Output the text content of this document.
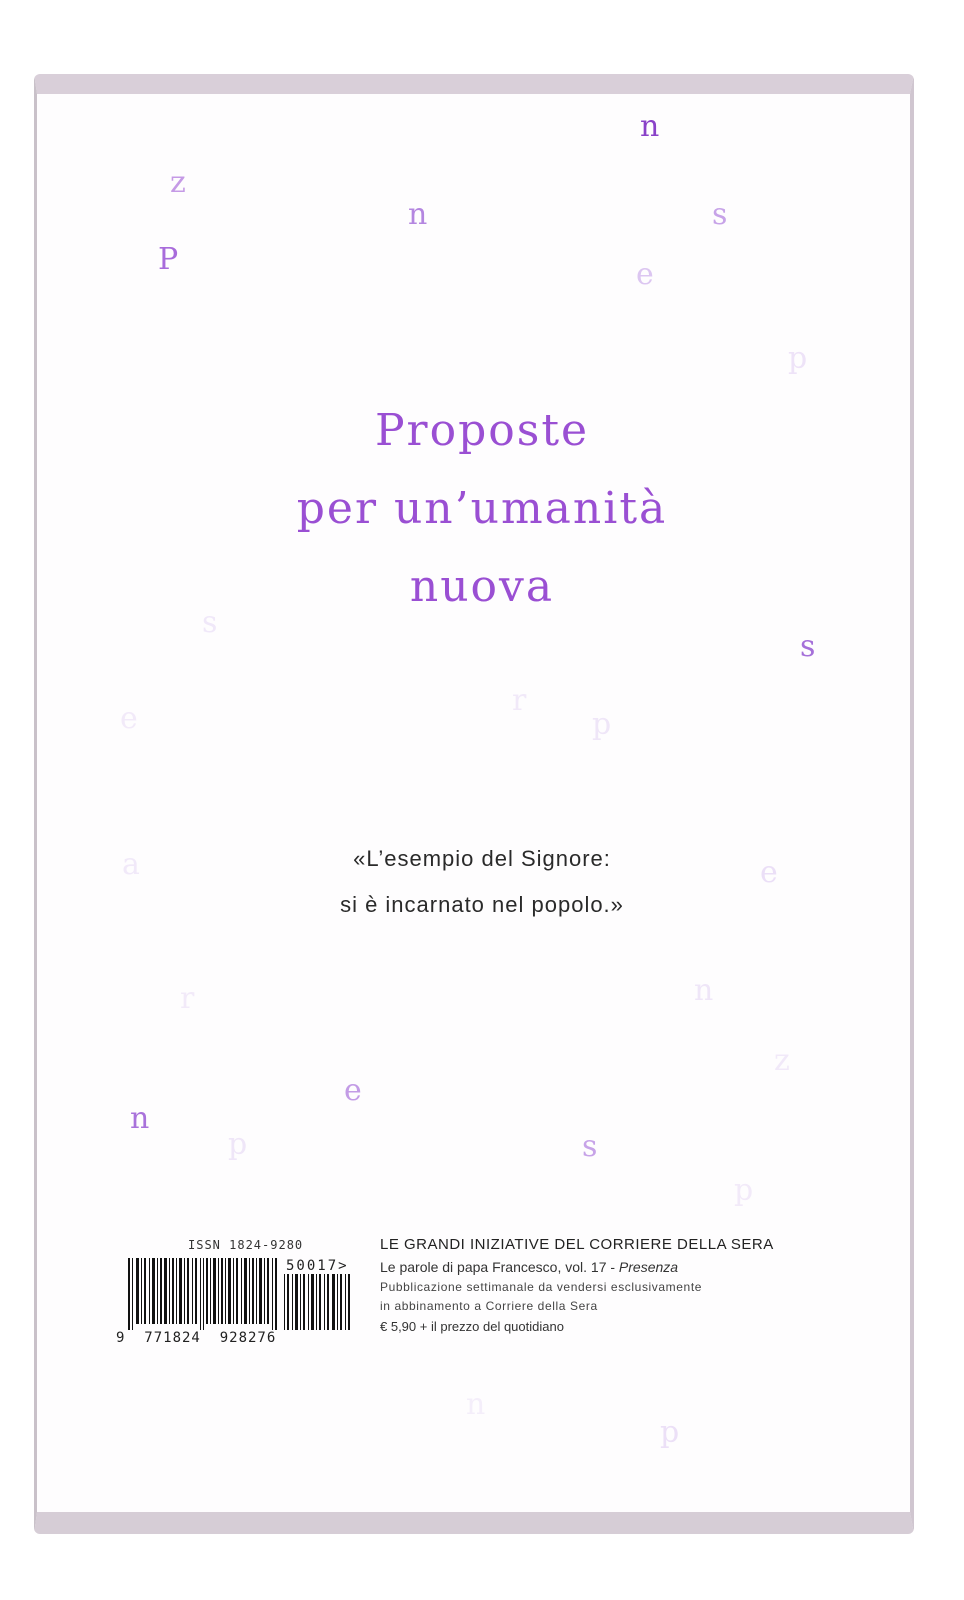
n
z
n	s
P	e
p
s
s
e
r
p
a	e
r	n
z
e
n
p	s
p
n
p
Proposte
per un’umanità
nuova
«L’esempio del Signore:
si è incarnato nel popolo.»
ISSN 1824-9280
50017>
9  771824  928276
LE GRANDI INIZIATIVE DEL CORRIERE DELLA SERA
Le parole di papa Francesco, vol. 17 - Presenza
Pubblicazione settimanale da vendersi esclusivamente
in abbinamento a Corriere della Sera
€ 5,90 + il prezzo del quotidiano
